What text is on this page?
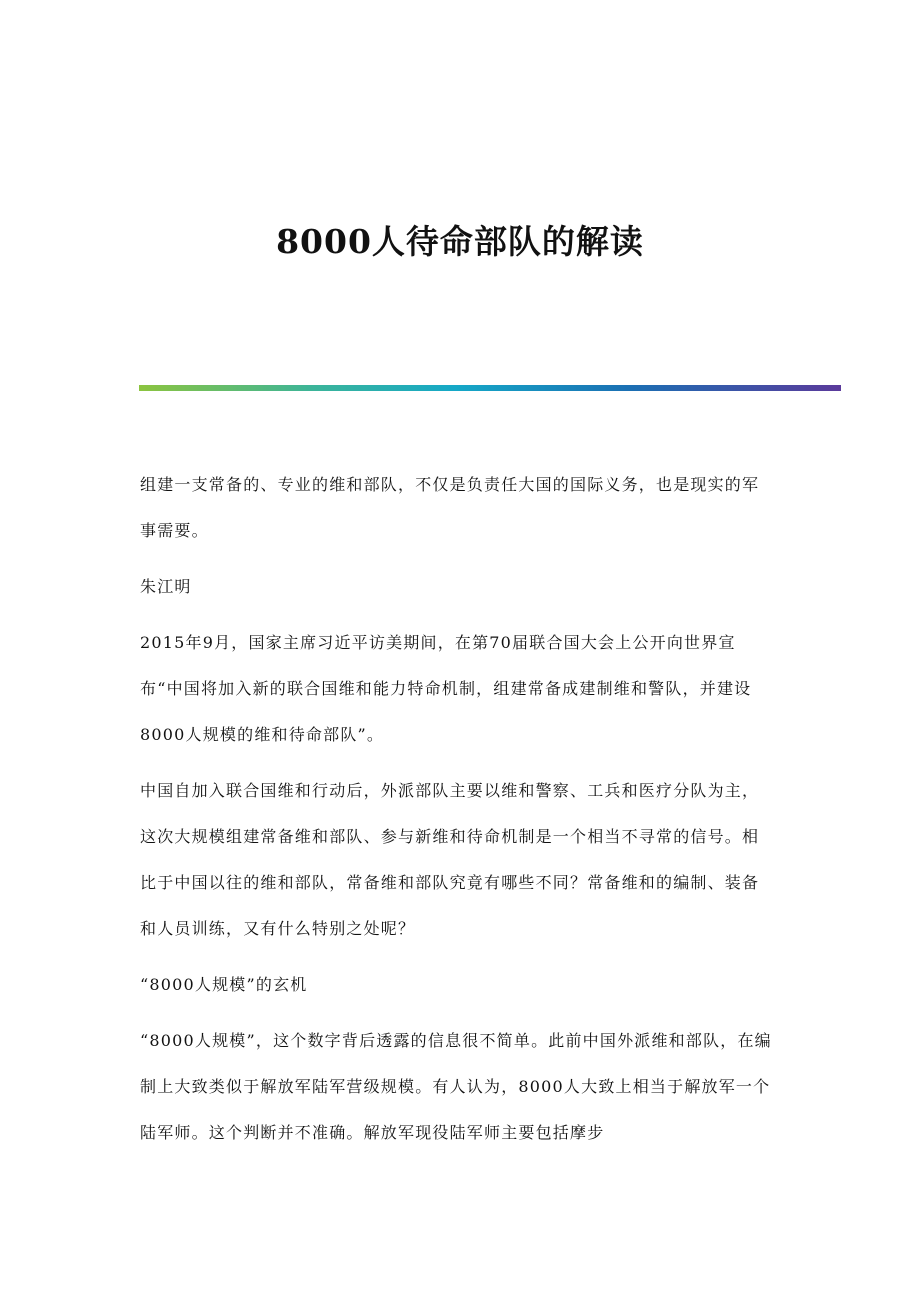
8000人待命部队的解读

组建一支常备的、专业的维和部队，不仅是负责任大国的国际义务，也是现实的军事需要。

朱江明

2015年9月，国家主席习近平访美期间，在第70届联合国大会上公开向世界宣布“中国将加入新的联合国维和能力特命机制，组建常备成建制维和警队，并建设8000人规模的维和待命部队”。

中国自加入联合国维和行动后，外派部队主要以维和警察、工兵和医疗分队为主，这次大规模组建常备维和部队、参与新维和待命机制是一个相当不寻常的信号。相比于中国以往的维和部队，常备维和部队究竟有哪些不同？常备维和的编制、装备和人员训练，又有什么特别之处呢？

“8000人规模”的玄机

“8000人规模”，这个数字背后透露的信息很不简单。此前中国外派维和部队，在编制上大致类似于解放军陆军营级规模。有人认为，8000人大致上相当于解放军一个陆军师。这个判断并不准确。解放军现役陆军师主要包括摩步
